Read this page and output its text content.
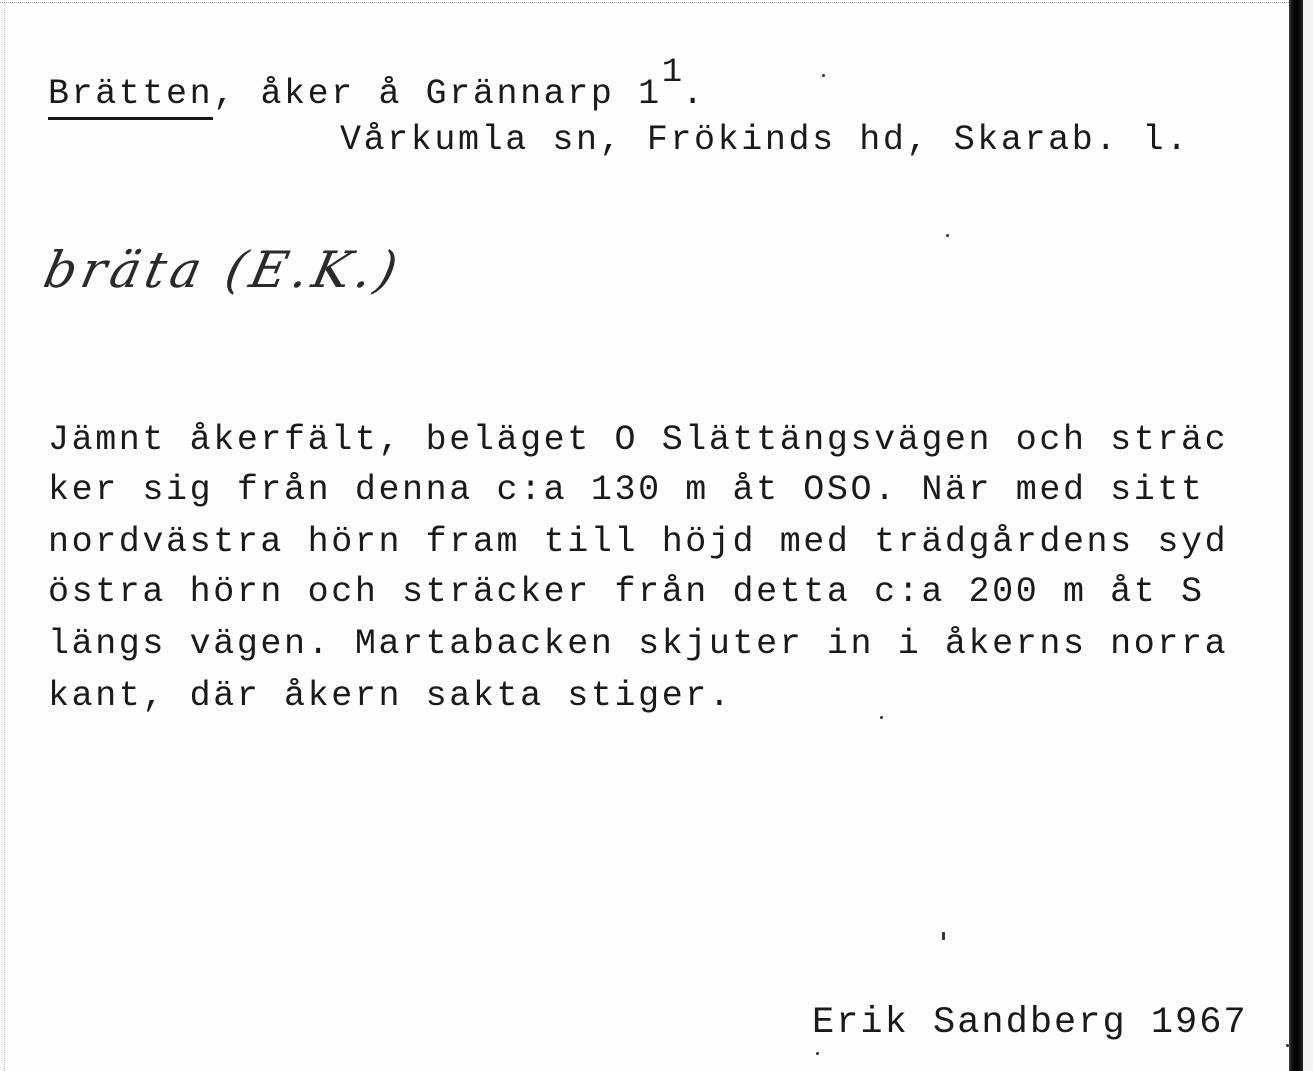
Brätten, åker å Grännarp 11.

Vårkumla sn, Frökinds hd, Skarab. l.

bräta (E.K.)

Jämnt åkerfält, beläget O Slättängsvägen och sträc

ker sig från denna c:a 130 m åt OSO. När med sitt

nordvästra hörn fram till höjd med trädgårdens syd

östra hörn och sträcker från detta c:a 200 m åt S

längs vägen. Martabacken skjuter in i åkerns norra

kant, där åkern sakta stiger.

Erik Sandberg 1967
